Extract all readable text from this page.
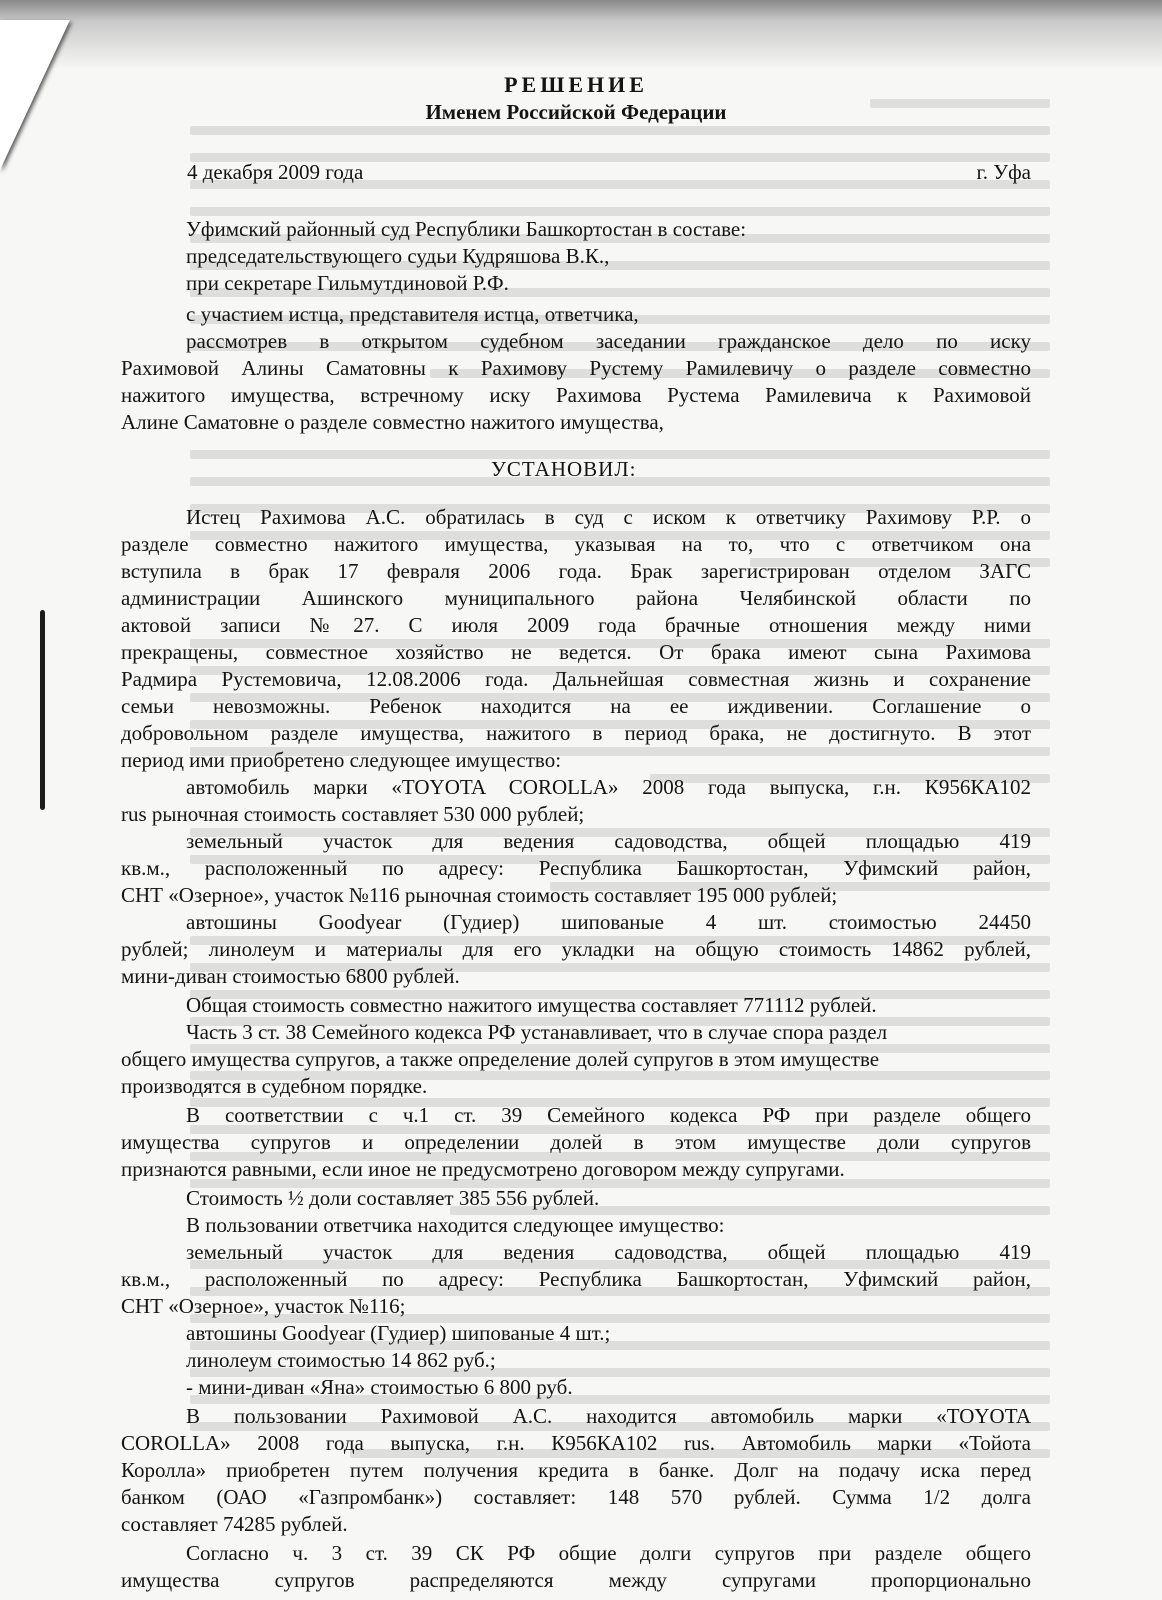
РЕШЕНИЕ
Именем Российской Федерации
4 декабря 2009 года	г. Уфа
Уфимский районный суд Республики Башкортостан в составе:
председательствующего судьи Кудряшова В.К.,
при секретаре Гильмутдиновой Р.Ф.
с участием истца, представителя истца, ответчика,
рассмотрев в открытом судебном заседании гражданское дело по иску
Рахимовой Алины Саматовны к Рахимову Рустему Рамилевичу о разделе совместно
нажитого имущества, встречному иску Рахимова Рустема Рамилевича к Рахимовой
Алине Саматовне о разделе совместно нажитого имущества,
УСТАНОВИЛ:
Истец Рахимова А.С. обратилась в суд с иском к ответчику Рахимову Р.Р. о
разделе совместно нажитого имущества, указывая на то, что с ответчиком она
вступила в брак 17 февраля 2006 года. Брак зарегистрирован отделом ЗАГС
администрации Ашинского муниципального района Челябинской области по
актовой записи №27. С июля 2009 года брачные отношения между ними
прекращены, совместное хозяйство не ведется. От брака имеют сына Рахимова
Радмира Рустемовича, 12.08.2006 года. Дальнейшая совместная жизнь и сохранение
семьи невозможны. Ребенок находится на ее иждивении. Соглашение о
добровольном разделе имущества, нажитого в период брака, не достигнуто. В этот
период ими приобретено следующее имущество:
автомобиль марки «TOYOTA COROLLA» 2008 года выпуска, г.н. К956КА102
rus рыночная стоимость составляет 530 000 рублей;
земельный участок для ведения садоводства, общей площадью 419
кв.м., расположенный по адресу: Республика Башкортостан, Уфимский район,
СНТ «Озерное», участок №116 рыночная стоимость составляет 195 000 рублей;
автошины Goodyear (Гудиер) шипованые 4 шт. стоимостью 24450
рублей; линолеум и материалы для его укладки на общую стоимость 14862 рублей,
мини-диван стоимостью 6800 рублей.
Общая стоимость совместно нажитого имущества составляет 771112 рублей.
Часть 3 ст. 38 Семейного кодекса РФ устанавливает, что в случае спора раздел
общего имущества супругов, а также определение долей супругов в этом имуществе
производятся в судебном порядке.
В соответствии с ч.1 ст. 39 Семейного кодекса РФ при разделе общего
имущества супругов и определении долей в этом имуществе доли супругов
признаются равными, если иное не предусмотрено договором между супругами.
Стоимость ½ доли составляет 385 556 рублей.
В пользовании ответчика находится следующее имущество:
земельный участок для ведения садоводства, общей площадью 419
кв.м., расположенный по адресу: Республика Башкортостан, Уфимский район,
СНТ «Озерное», участок №116;
автошины Goodyear (Гудиер) шипованые 4 шт.;
линолеум стоимостью 14 862 руб.;
- мини-диван «Яна» стоимостью 6 800 руб.
В пользовании Рахимовой А.С. находится автомобиль марки «TOYOTA
COROLLA» 2008 года выпуска, г.н. К956КА102 rus. Автомобиль марки «Тойота
Королла» приобретен путем получения кредита в банке. Долг на подачу иска перед
банком (ОАО «Газпромбанк») составляет: 148 570 рублей. Сумма 1/2 долга
составляет 74285 рублей.
Согласно ч. 3 ст. 39 СК РФ общие долги супругов при разделе общего
имущества супругов распределяются между супругами пропорционально
